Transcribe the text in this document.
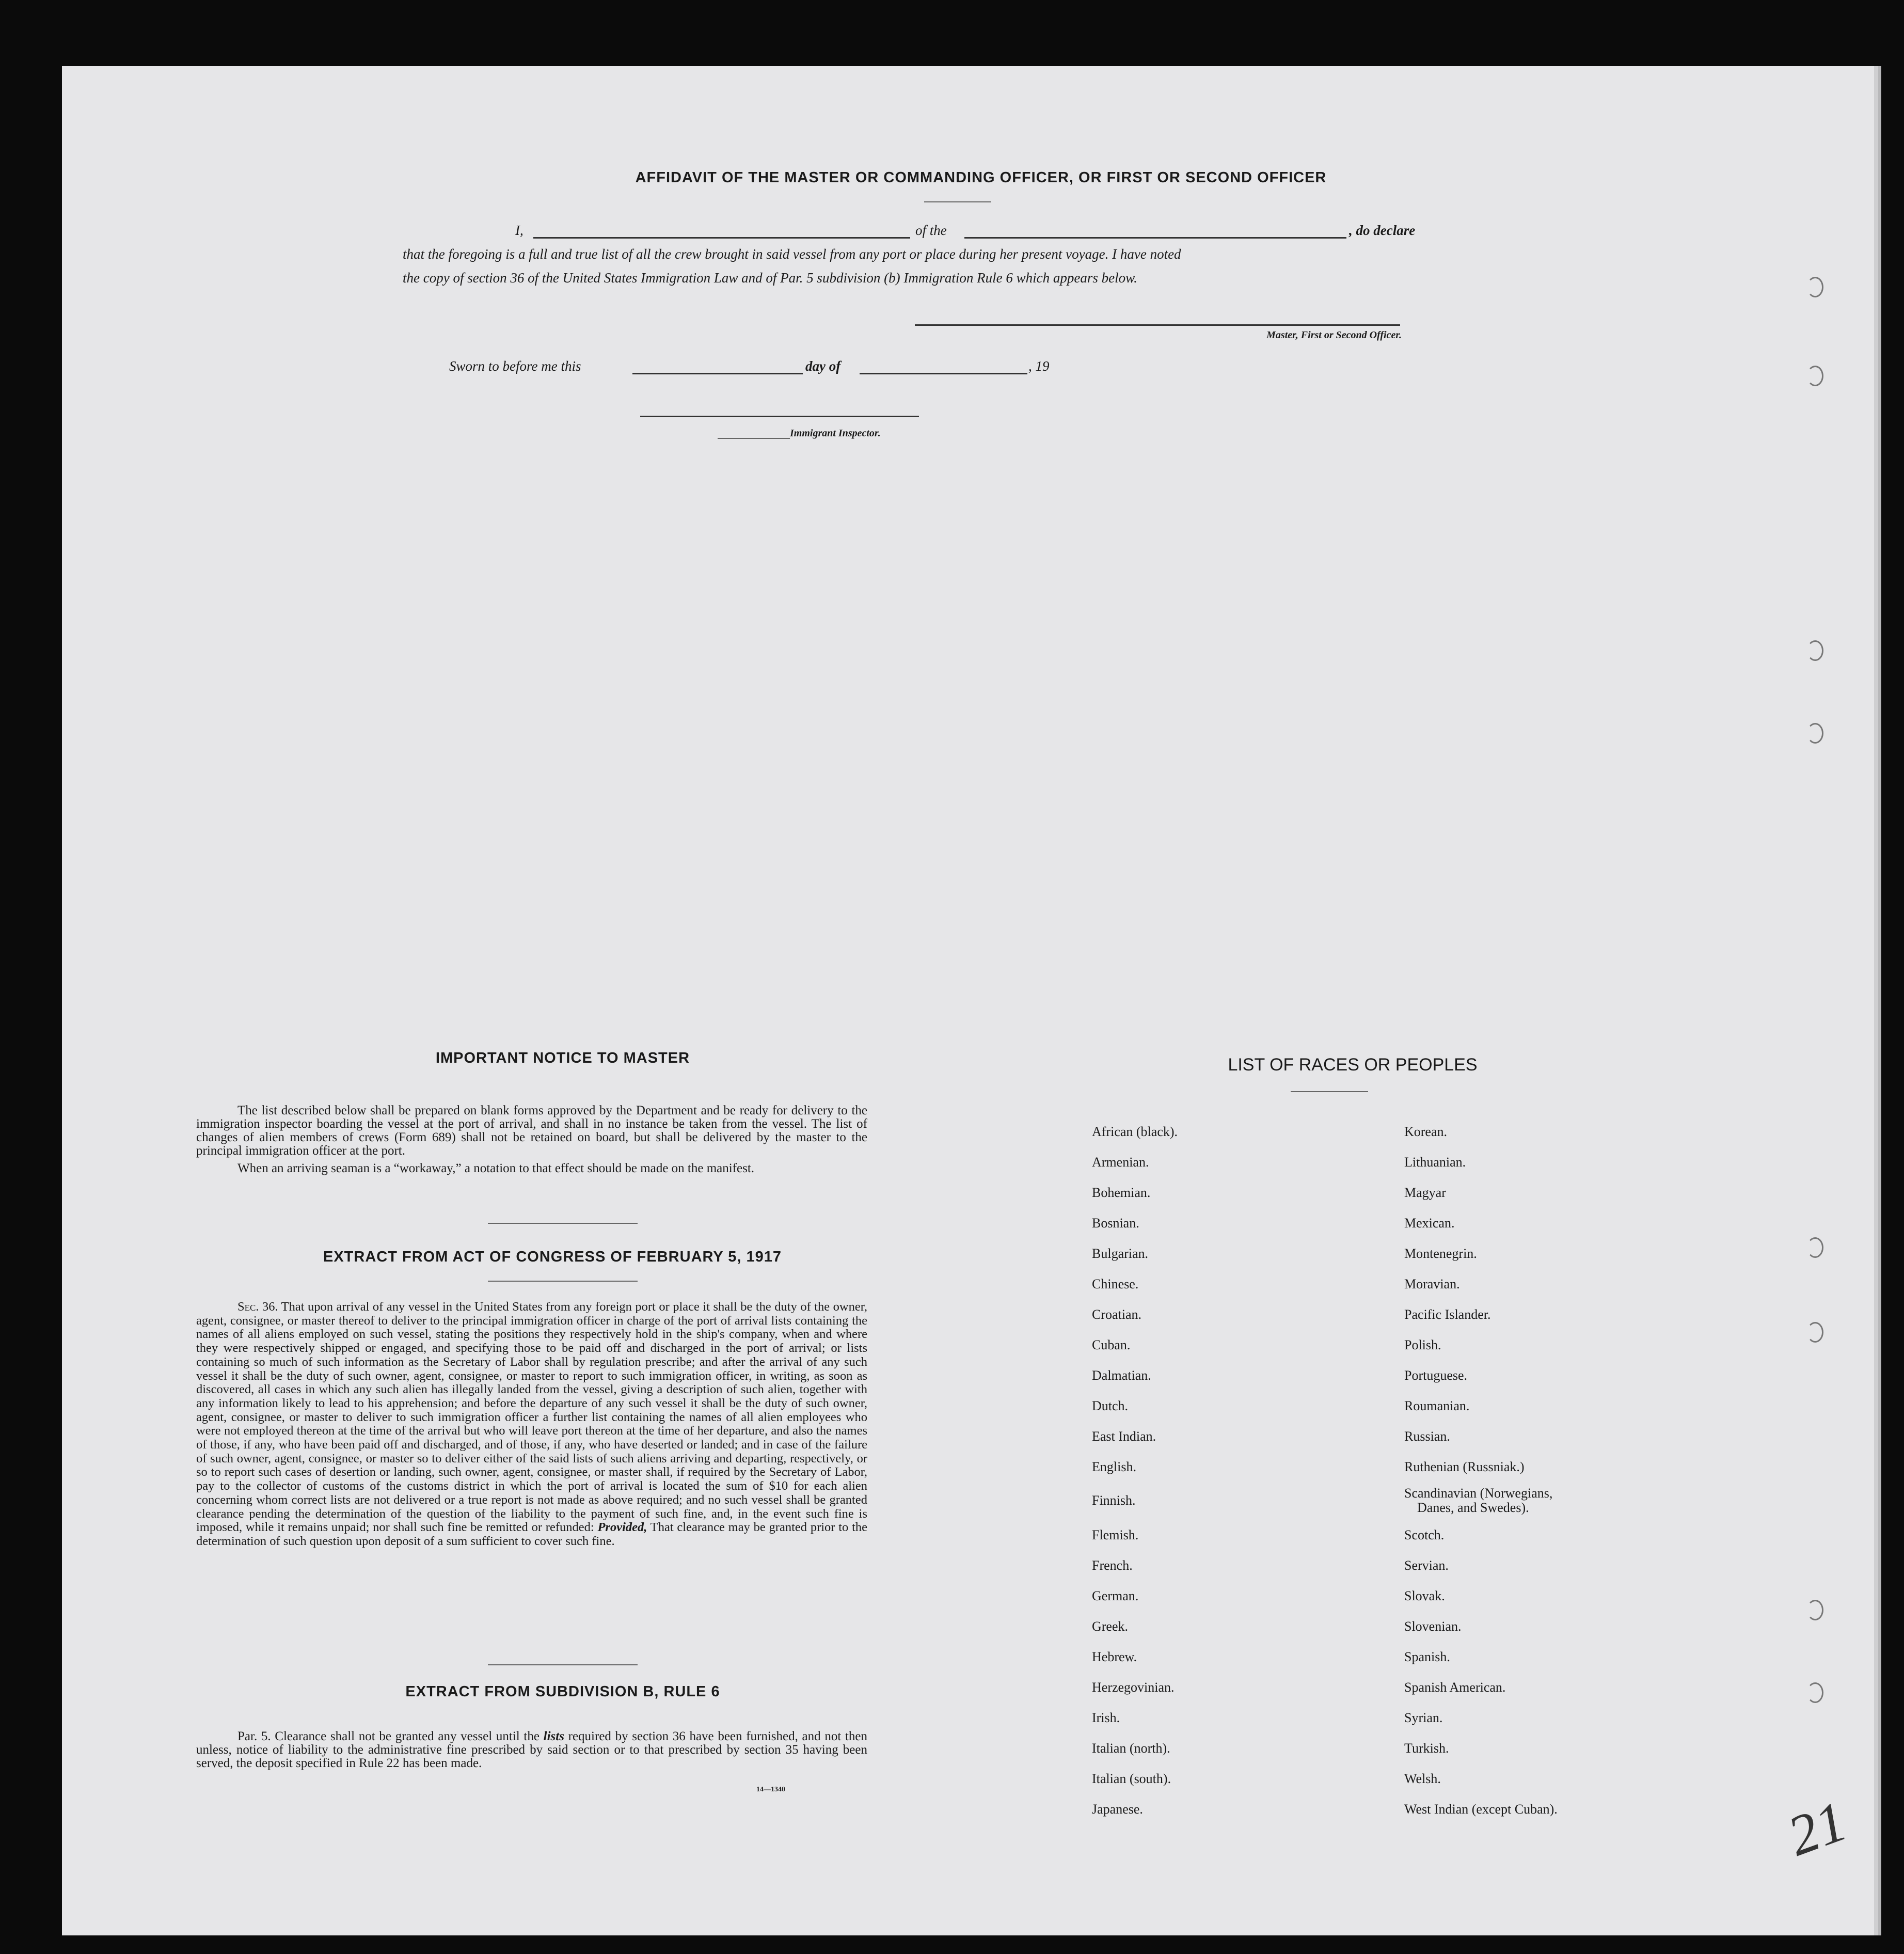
AFFIDAVIT OF THE MASTER OR COMMANDING OFFICER, OR FIRST OR SECOND OFFICER
I,	of the	, do declare
that the foregoing is a full and true list of all the crew brought in said vessel from any port or place during her present voyage. I have noted
the copy of section 36 of the United States Immigration Law and of Par. 5 subdivision (b) Immigration Rule 6 which appears below.
Master, First or Second Officer.
Sworn to before me this	day of	, 19
Immigrant Inspector.
IMPORTANT NOTICE TO MASTER

The list described below shall be prepared on blank forms approved by the Department and be ready for delivery to the immigration inspector boarding the vessel at the port of arrival, and shall in no instance be taken from the vessel. The list of changes of alien members of crews (Form 689) shall not be retained on board, but shall be delivered by the master to the principal immigration officer at the port.

When an arriving seaman is a “workaway,” a notation to that effect should be made on the manifest.

EXTRACT FROM ACT OF CONGRESS OF FEBRUARY 5, 1917

Sec. 36. That upon arrival of any vessel in the United States from any foreign port or place it shall be the duty of the owner, agent, consignee, or master thereof to deliver to the principal immigration officer in charge of the port of arrival lists containing the names of all aliens employed on such vessel, stating the positions they respectively hold in the ship's company, when and where they were respectively shipped or engaged, and specifying those to be paid off and discharged in the port of arrival; or lists containing so much of such information as the Secretary of Labor shall by regulation prescribe; and after the arrival of any such vessel it shall be the duty of such owner, agent, consignee, or master to report to such immigration officer, in writing, as soon as discovered, all cases in which any such alien has illegally landed from the vessel, giving a description of such alien, together with any information likely to lead to his apprehension; and before the departure of any such vessel it shall be the duty of such owner, agent, consignee, or master to deliver to such immigration officer a further list containing the names of all alien employees who were not employed thereon at the time of the arrival but who will leave port thereon at the time of her departure, and also the names of those, if any, who have been paid off and discharged, and of those, if any, who have deserted or landed; and in case of the failure of such owner, agent, consignee, or master so to deliver either of the said lists of such aliens arriving and departing, respectively, or so to report such cases of desertion or landing, such owner, agent, consignee, or master shall, if required by the Secretary of Labor, pay to the collector of customs of the customs district in which the port of arrival is located the sum of $10 for each alien concerning whom correct lists are not delivered or a true report is not made as above required; and no such vessel shall be granted clearance pending the determination of the question of the liability to the payment of such fine, and, in the event such fine is imposed, while it remains unpaid; nor shall such fine be remitted or refunded: Provided, That clearance may be granted prior to the determination of such question upon deposit of a sum sufficient to cover such fine.

EXTRACT FROM SUBDIVISION B, RULE 6

Par. 5. Clearance shall not be granted any vessel until the lists required by section 36 have been furnished, and not then unless, notice of liability to the administrative fine prescribed by said section or to that prescribed by section 35 having been served, the deposit specified in Rule 22 has been made.

14—1340
LIST OF RACES OR PEOPLES
21
African (black).
Armenian.
Bohemian.
Bosnian.
Bulgarian.
Chinese.
Croatian.
Cuban.
Dalmatian.
Dutch.
East Indian.
English.
Finnish.
Flemish.
French.
German.
Greek.
Hebrew.
Herzegovinian.
Irish.
Italian (north).
Italian (south).
Japanese.
Korean.
Lithuanian.
Magyar
Mexican.
Montenegrin.
Moravian.
Pacific Islander.
Polish.
Portuguese.
Roumanian.
Russian.
Ruthenian (Russniak.)
Scandinavian (Norwegians,
Danes, and Swedes).
Scotch.
Servian.
Slovak.
Slovenian.
Spanish.
Spanish American.
Syrian.
Turkish.
Welsh.
West Indian (except Cuban).
